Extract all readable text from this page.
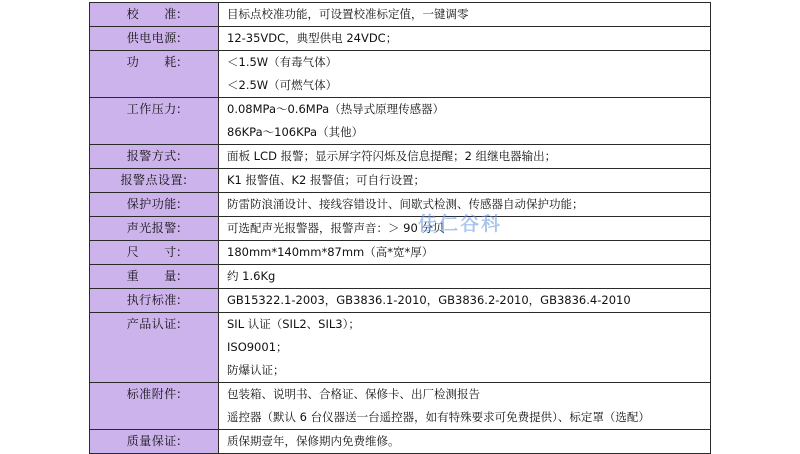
校　　准:	目标点校准功能，可设置校准标定值，一键调零

供电电源:	12-35VDC，典型供电 24VDC；

功　　耗:	＜1.5W（有毒气体）
＜2.5W（可燃气体）

工作压力:	0.08MPa～0.6MPa（热导式原理传感器）
86KPa～106KPa（其他）

报警方式:	面板 LCD 报警；显示屏字符闪烁及信息提醒；2 组继电器输出；

报警点设置:	K1 报警值、K2 报警值；可自行设置；

保护功能:	防雷防浪涌设计、接线容错设计、间歇式检测、传感器自动保护功能；

声光报警:	可选配声光报警器，报警声音：＞ 90 分贝

尺　　寸:	180mm*140mm*87mm（高*宽*厚）

重　　量:	约 1.6Kg

执行标准:	GB15322.1-2003，GB3836.1-2010，GB3836.2-2010，GB3836.4-2010

产品认证:	SIL 认证（SIL2、SIL3）；
ISO9001；
防爆认证；

标准附件:	包装箱、说明书、合格证、保修卡、出厂检测报告
遥控器（默认 6 台仪器送一台遥控器，如有特殊要求可免费提供）、标定罩（选配）

质量保证:	质保期壹年，保修期内免费维修。
佳仁谷科
